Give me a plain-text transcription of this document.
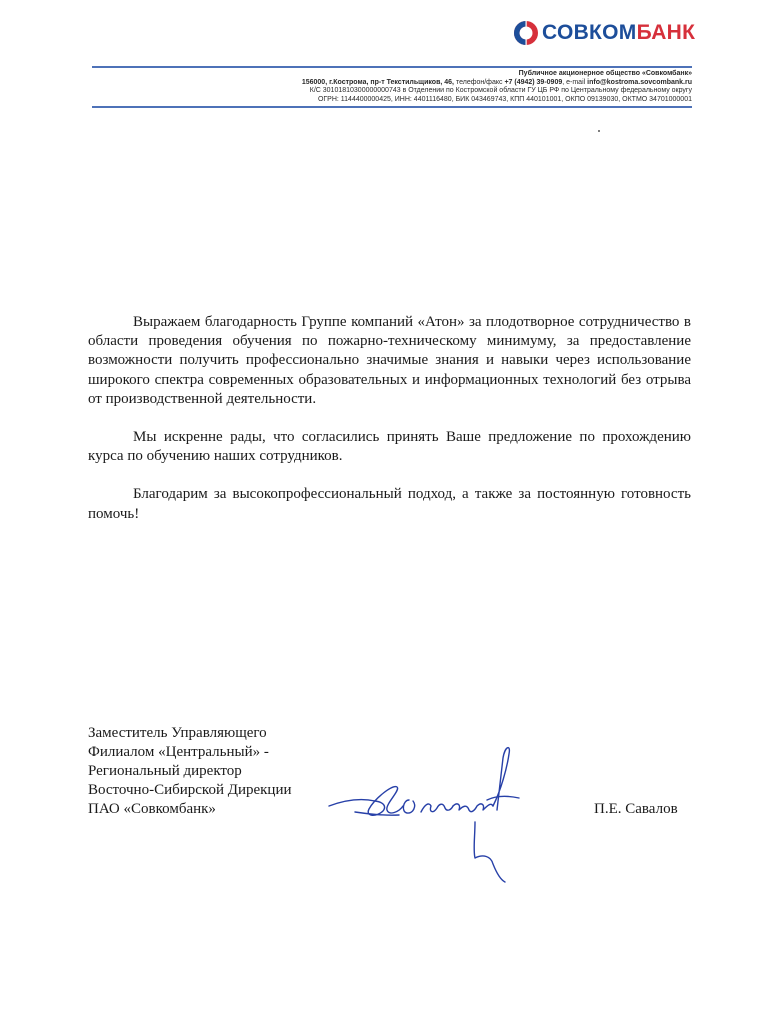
СОВКОМБАНК
Публичное акционерное общество «Совкомбанк»
156000, г.Кострома, пр-т Текстильщиков, 46, телефон/факс +7 (4942) 39-0909, e-mail info@kostroma.sovcombank.ru
К/С 30101810300000000743 в Отделении по Костромской области ГУ ЦБ РФ по Центральному федеральному округу
ОГРН: 1144400000425, ИНН: 4401116480, БИК 043469743, КПП 440101001, ОКПО 09139030, ОКТМО 34701000001

Выражаем благодарность Группе компаний «Атон» за плодотворное сотрудничество в области проведения обучения по пожарно-техническому минимуму, за предоставление возможности получить профессионально значимые знания и навыки через использование широкого спектра современных образовательных и информационных технологий без отрыва от производственной деятельности.

Мы искренне рады, что согласились принять Ваше предложение по прохождению курса по обучению наших сотрудников.

Благодарим за высокопрофессиональный подход, а также за постоянную готовность помочь!

Заместитель Управляющего
Филиалом «Центральный» -
Региональный директор
Восточно-Сибирской Дирекции
ПАО «Совкомбанк»	П.Е. Савалов
